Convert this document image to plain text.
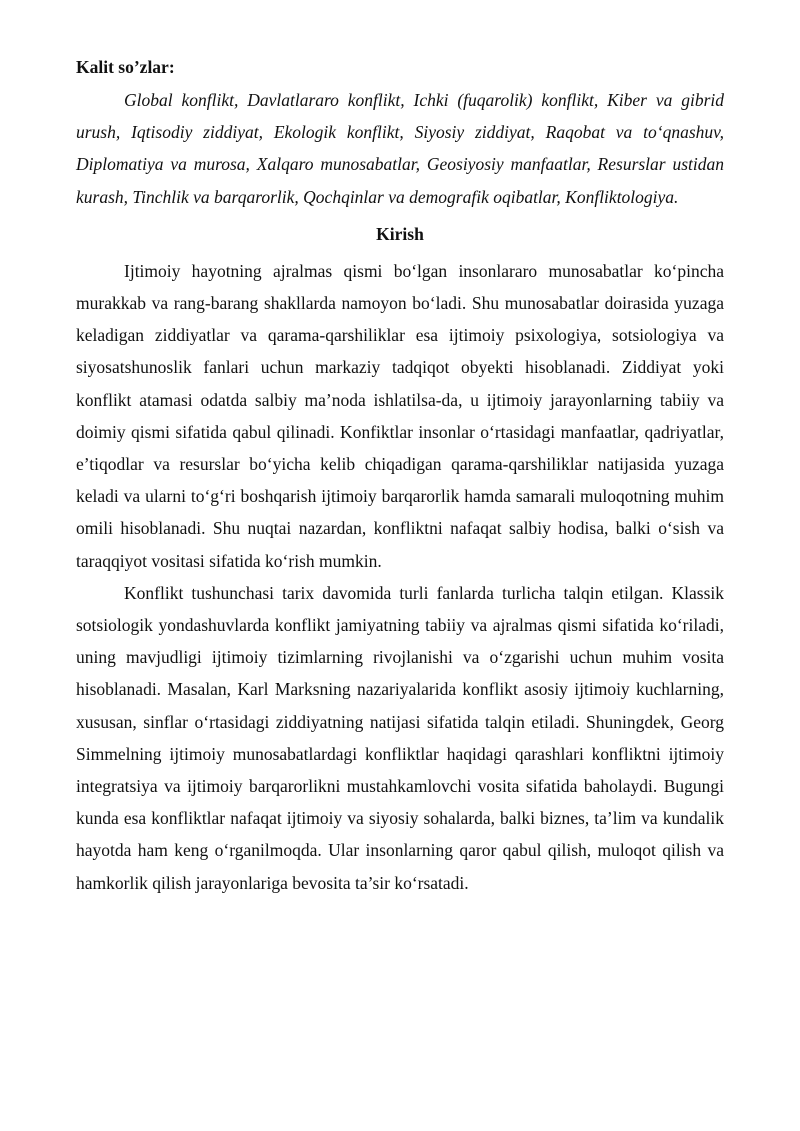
Kalit so’zlar:

Global konflikt, Davlatlararo konflikt, Ichki (fuqarolik) konflikt, Kiber va gibrid urush, Iqtisodiy ziddiyat, Ekologik konflikt, Siyosiy ziddiyat, Raqobat va to‘qnashuv, Diplomatiya va murosa, Xalqaro munosabatlar, Geosiyosiy manfaatlar, Resurslar ustidan kurash, Tinchlik va barqarorlik, Qochqinlar va demografik oqibatlar, Konfliktologiya.

Kirish

Ijtimoiy hayotning ajralmas qismi bo‘lgan insonlararo munosabatlar ko‘pincha murakkab va rang-barang shakllarda namoyon bo‘ladi. Shu munosabatlar doirasida yuzaga keladigan ziddiyatlar va qarama-qarshiliklar esa ijtimoiy psixologiya, sotsiologiya va siyosatshunoslik fanlari uchun markaziy tadqiqot obyekti hisoblanadi. Ziddiyat yoki konflikt atamasi odatda salbiy ma’noda ishlatilsa-da, u ijtimoiy jarayonlarning tabiiy va doimiy qismi sifatida qabul qilinadi. Konfiktlar insonlar o‘rtasidagi manfaatlar, qadriyatlar, e’tiqodlar va resurslar bo‘yicha kelib chiqadigan qarama-qarshiliklar natijasida yuzaga keladi va ularni to‘g‘ri boshqarish ijtimoiy barqarorlik hamda samarali muloqotning muhim omili hisoblanadi. Shu nuqtai nazardan, konfliktni nafaqat salbiy hodisa, balki o‘sish va taraqqiyot vositasi sifatida ko‘rish mumkin.

Konflikt tushunchasi tarix davomida turli fanlarda turlicha talqin etilgan. Klassik sotsiologik yondashuvlarda konflikt jamiyatning tabiiy va ajralmas qismi sifatida ko‘riladi, uning mavjudligi ijtimoiy tizimlarning rivojlanishi va o‘zgarishi uchun muhim vosita hisoblanadi. Masalan, Karl Marksning nazariyalarida konflikt asosiy ijtimoiy kuchlarning, xususan, sinflar o‘rtasidagi ziddiyatning natijasi sifatida talqin etiladi. Shuningdek, Georg Simmelning ijtimoiy munosabatlardagi konfliktlar haqidagi qarashlari konfliktni ijtimoiy integratsiya va ijtimoiy barqarorlikni mustahkamlovchi vosita sifatida baholaydi. Bugungi kunda esa konfliktlar nafaqat ijtimoiy va siyosiy sohalarda, balki biznes, ta’lim va kundalik hayotda ham keng o‘rganilmoqda. Ular insonlarning qaror qabul qilish, muloqot qilish va hamkorlik qilish jarayonlariga bevosita ta’sir ko‘rsatadi.
